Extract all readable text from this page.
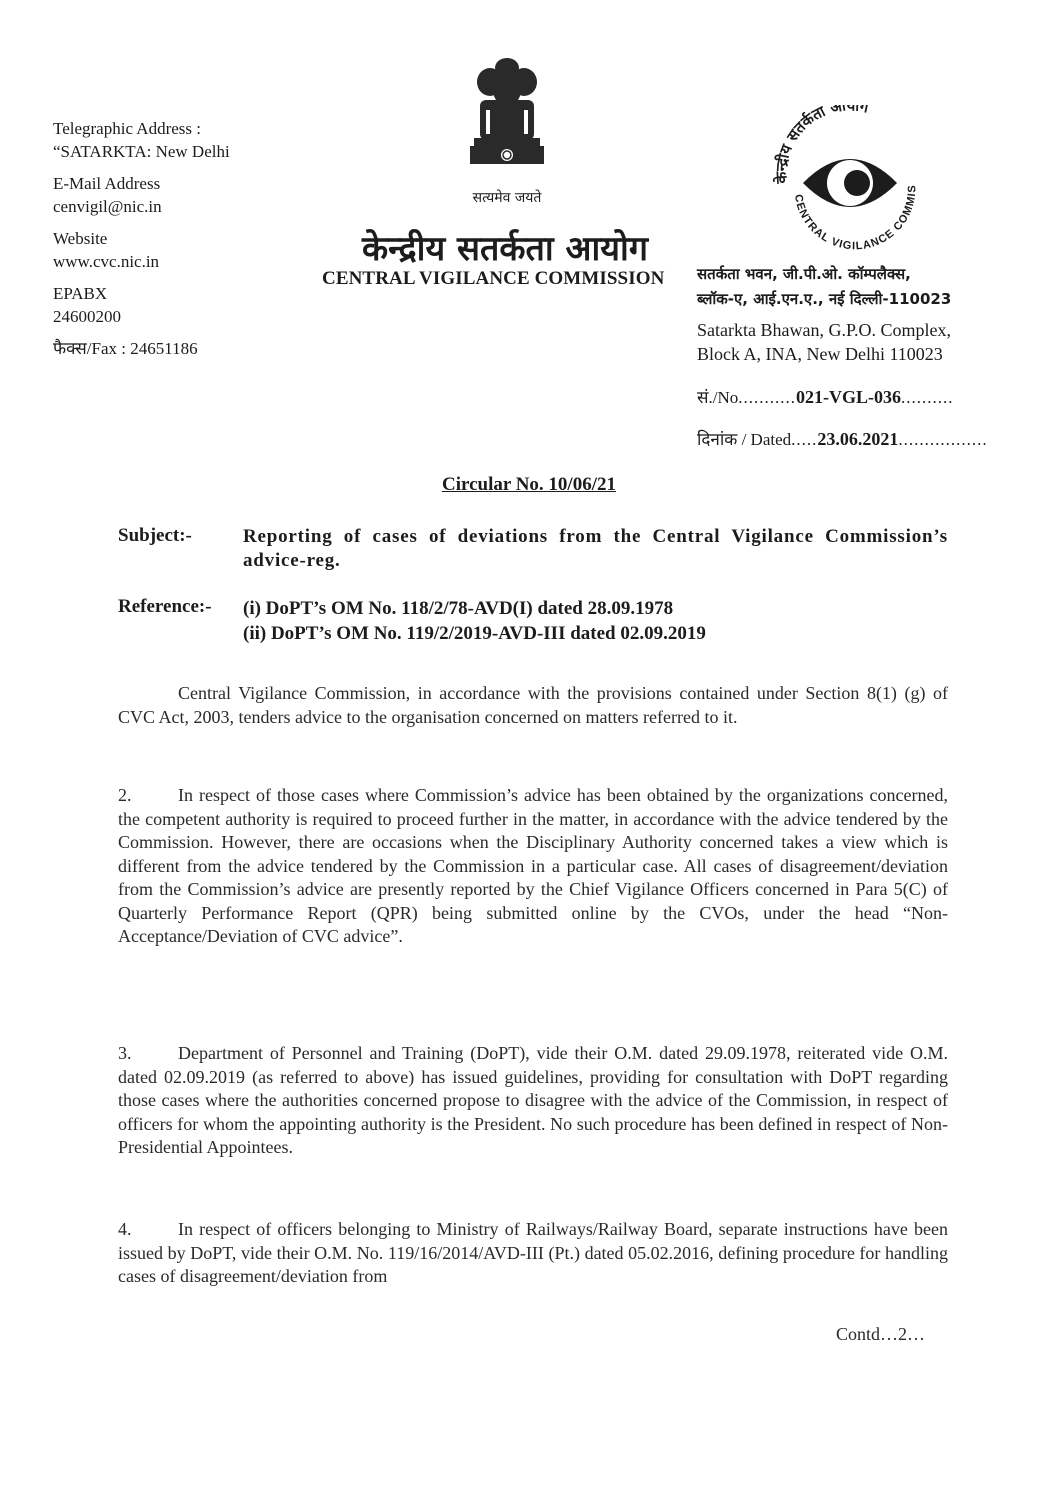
Telegraphic Address :
“SATARKTA: New Delhi
E-Mail Address
cenvigil@nic.in
Website
www.cvc.nic.in
EPABX
24600200
फैक्स/Fax : 24651186
सत्यमेव जयते
केन्द्रीय सतर्कता आयोग
CENTRAL VIGILANCE COMMISSION
केन्द्रीय सतर्कता आयोग
CENTRAL VIGILANCE COMMIS
सतर्कता भवन, जी.पी.ओ. कॉम्पलैक्स,
ब्लॉक-ए, आई.एन.ए., नई दिल्ली-110023
Satarkta Bhawan, G.P.O. Complex,
Block A, INA, New Delhi 110023
सं./No...........021-VGL-036..........
दिनांक / Dated.....23.06.2021.................
Circular No. 10/06/21
Subject:-	Reporting of cases of deviations from the Central Vigilance Commission’s advice-reg.
Reference:- (i) DoPT’s OM No. 118/2/78-AVD(I) dated 28.09.1978
(ii) DoPT’s OM No. 119/2/2019-AVD-III dated 02.09.2019
Central Vigilance Commission, in accordance with the provisions contained under Section 8(1) (g) of CVC Act, 2003, tenders advice to the organisation concerned on matters referred to it.
2.	In respect of those cases where Commission’s advice has been obtained by the organizations concerned, the competent authority is required to proceed further in the matter, in accordance with the advice tendered by the Commission. However, there are occasions when the Disciplinary Authority concerned takes a view which is different from the advice tendered by the Commission in a particular case. All cases of disagreement/deviation from the Commission’s advice are presently reported by the Chief Vigilance Officers concerned in Para 5(C) of Quarterly Performance Report (QPR) being submitted online by the CVOs, under the head “Non-Acceptance/Deviation of CVC advice”.
3.	Department of Personnel and Training (DoPT), vide their O.M. dated 29.09.1978, reiterated vide O.M. dated 02.09.2019 (as referred to above) has issued guidelines, providing for consultation with DoPT regarding those cases where the authorities concerned propose to disagree with the advice of the Commission, in respect of officers for whom the appointing authority is the President. No such procedure has been defined in respect of Non-Presidential Appointees.
4.	In respect of officers belonging to Ministry of Railways/Railway Board, separate instructions have been issued by DoPT, vide their O.M. No. 119/16/2014/AVD-III (Pt.) dated 05.02.2016, defining procedure for handling cases of disagreement/deviation from
Contd…2…
